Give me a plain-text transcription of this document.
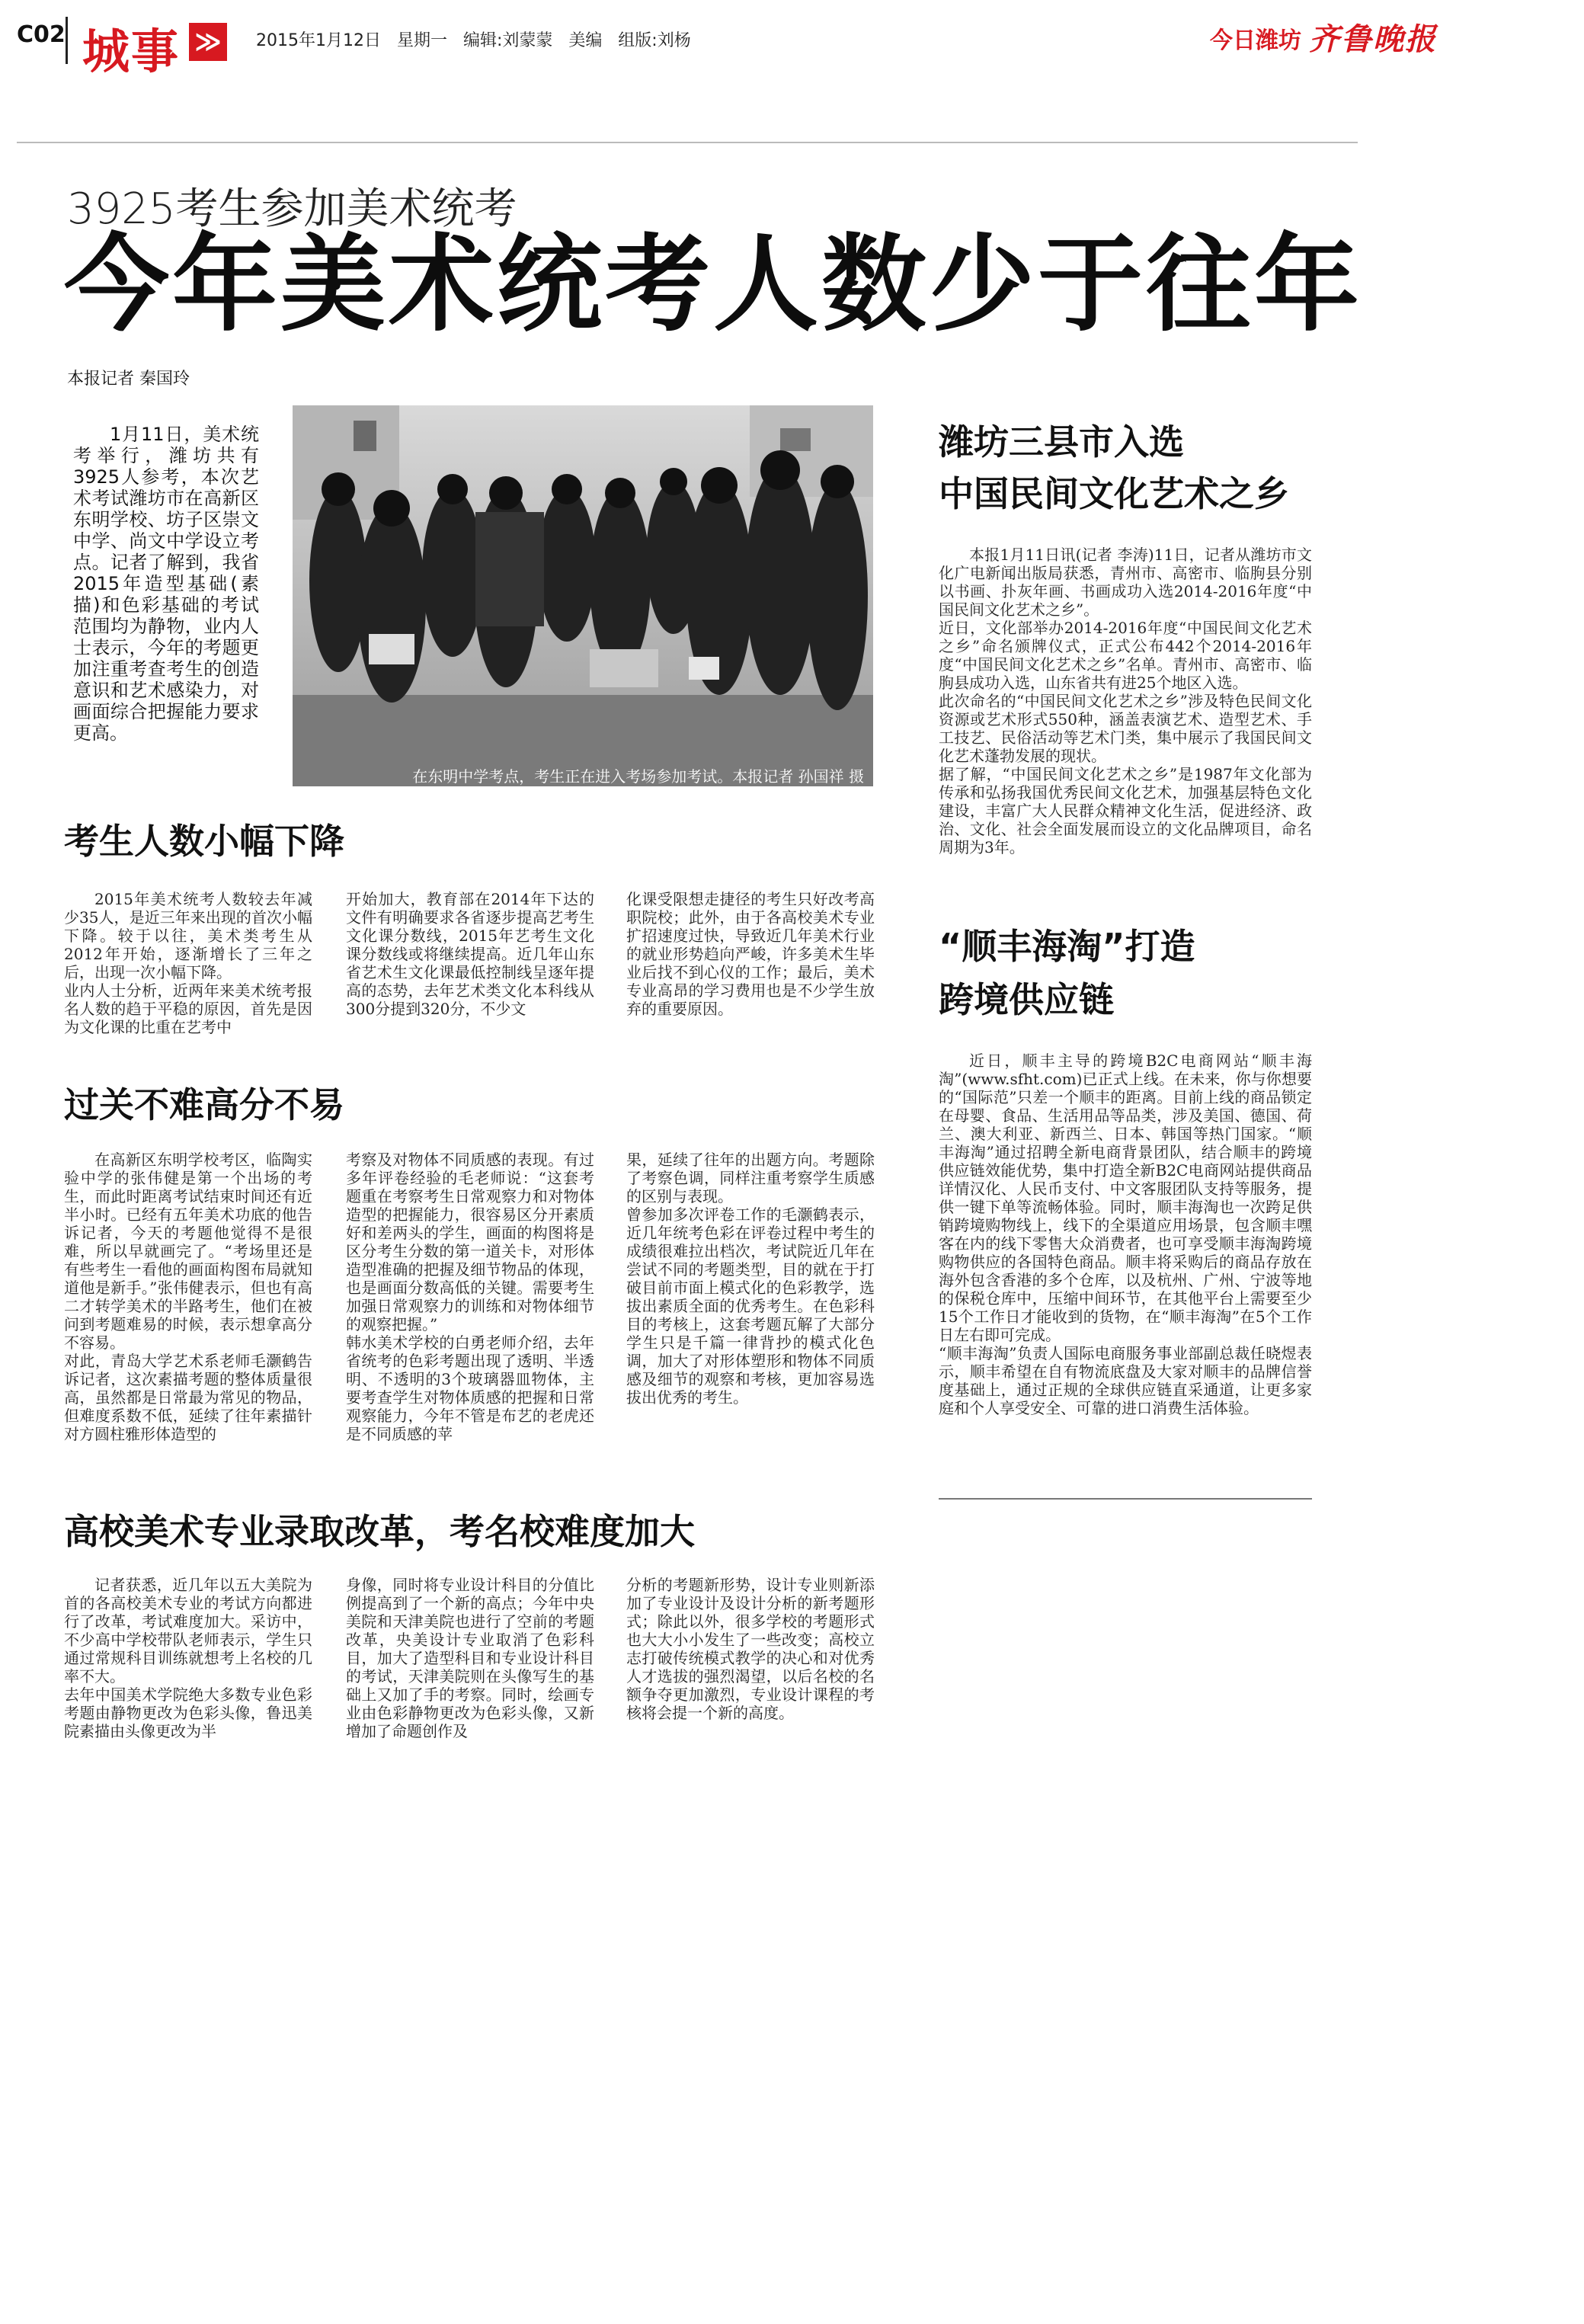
C02 城事 ≫	2015年1月12日   星期一   编辑:刘蒙蒙   美编   组版:刘杨	今日潍坊 齐鲁晚报
3925考生参加美术统考
今年美术统考人数少于往年
本报记者 秦国玲
1月11日，美术统考举行，潍坊共有3925人参考，本次艺术考试潍坊市在高新区东明学校、坊子区崇文中学、尚文中学设立考点。记者了解到，我省2015年造型基础(素描)和色彩基础的考试范围均为静物，业内人士表示，今年的考题更加注重考查考生的创造意识和艺术感染力，对画面综合把握能力要求更高。
在东明中学考点，考生正在进入考场参加考试。本报记者 孙国祥 摄
考生人数小幅下降
2015年美术统考人数较去年减少35人，是近三年来出现的首次小幅下降。较于以往，美术类考生从2012年开始，逐渐增长了三年之后，出现一次小幅下降。
业内人士分析，近两年来美术统考报名人数的趋于平稳的原因，首先是因为文化课的比重在艺考中
开始加大，教育部在2014年下达的文件有明确要求各省逐步提高艺考生文化课分数线，2015年艺考生文化课分数线或将继续提高。近几年山东省艺术生文化课最低控制线呈逐年提高的态势，去年艺术类文化本科线从300分提到320分，不少文
化课受限想走捷径的考生只好改考高职院校；此外，由于各高校美术专业扩招速度过快，导致近几年美术行业的就业形势趋向严峻，许多美术生毕业后找不到心仪的工作；最后，美术专业高昂的学习费用也是不少学生放弃的重要原因。
过关不难高分不易
在高新区东明学校考区，临陶实验中学的张伟健是第一个出场的考生，而此时距离考试结束时间还有近半小时。已经有五年美术功底的他告诉记者，今天的考题他觉得不是很难，所以早就画完了。“考场里还是有些考生一看他的画面构图布局就知道他是新手。”张伟健表示，但也有高二才转学美术的半路考生，他们在被问到考题难易的时候，表示想拿高分不容易。
对此，青岛大学艺术系老师毛灏鹤告诉记者，这次素描考题的整体质量很高，虽然都是日常最为常见的物品，但难度系数不低，延续了往年素描针对方圆柱雅形体造型的
考察及对物体不同质感的表现。有过多年评卷经验的毛老师说：“这套考题重在考察考生日常观察力和对物体造型的把握能力，很容易区分开素质好和差两头的学生，画面的构图将是区分考生分数的第一道关卡，对形体造型准确的把握及细节物品的体现，也是画面分数高低的关键。需要考生加强日常观察力的训练和对物体细节的观察把握。”
韩水美术学校的白勇老师介绍，去年省统考的色彩考题出现了透明、半透明、不透明的3个玻璃器皿物体，主要考查学生对物体质感的把握和日常观察能力，今年不管是布艺的老虎还是不同质感的苹
果，延续了往年的出题方向。考题除了考察色调，同样注重考察学生质感的区别与表现。
曾参加多次评卷工作的毛灏鹤表示，近几年统考色彩在评卷过程中考生的成绩很难拉出档次，考试院近几年在尝试不同的考题类型，目的就在于打破目前市面上模式化的色彩教学，选拔出素质全面的优秀考生。在色彩科目的考核上，这套考题瓦解了大部分学生只是千篇一律背抄的模式化色调，加大了对形体塑形和物体不同质感及细节的观察和考核，更加容易选拔出优秀的考生。
高校美术专业录取改革，考名校难度加大
记者获悉，近几年以五大美院为首的各高校美术专业的考试方向都进行了改革，考试难度加大。采访中，不少高中学校带队老师表示，学生只通过常规科目训练就想考上名校的几率不大。
去年中国美术学院绝大多数专业色彩考题由静物更改为色彩头像，鲁迅美院素描由头像更改为半
身像，同时将专业设计科目的分值比例提高到了一个新的高点；今年中央美院和天津美院也进行了空前的考题改革，央美设计专业取消了色彩科目，加大了造型科目和专业设计科目的考试，天津美院则在头像写生的基础上又加了手的考察。同时，绘画专业由色彩静物更改为色彩头像，又新增加了命题创作及
分析的考题新形势，设计专业则新添加了专业设计及设计分析的新考题形式；除此以外，很多学校的考题形式也大大小小发生了一些改变；高校立志打破传统模式教学的决心和对优秀人才选拔的强烈渴望，以后名校的名额争夺更加激烈，专业设计课程的考核将会提一个新的高度。
潍坊三县市入选
中国民间文化艺术之乡
本报1月11日讯(记者 李涛)11日，记者从潍坊市文化广电新闻出版局获悉，青州市、高密市、临朐县分别以书画、扑灰年画、书画成功入选2014-2016年度“中国民间文化艺术之乡”。
近日，文化部举办2014-2016年度“中国民间文化艺术之乡”命名颁牌仪式，正式公布442个2014-2016年度“中国民间文化艺术之乡”名单。青州市、高密市、临朐县成功入选，山东省共有进25个地区入选。
此次命名的“中国民间文化艺术之乡”涉及特色民间文化资源或艺术形式550种，涵盖表演艺术、造型艺术、手工技艺、民俗活动等艺术门类，集中展示了我国民间文化艺术蓬勃发展的现状。
据了解，“中国民间文化艺术之乡”是1987年文化部为传承和弘扬我国优秀民间文化艺术，加强基层特色文化建设，丰富广大人民群众精神文化生活，促进经济、政治、文化、社会全面发展而设立的文化品牌项目，命名周期为3年。
“顺丰海淘”打造
跨境供应链
近日，顺丰主导的跨境B2C电商网站“顺丰海淘”(www.sfht.com)已正式上线。在未来，你与你想要的“国际范”只差一个顺丰的距离。目前上线的商品锁定在母婴、食品、生活用品等品类，涉及美国、德国、荷兰、澳大利亚、新西兰、日本、韩国等热门国家。“顺丰海淘”通过招聘全新电商背景团队，结合顺丰的跨境供应链效能优势，集中打造全新B2C电商网站提供商品详情汉化、人民币支付、中文客服团队支持等服务，提供一键下单等流畅体验。同时，顺丰海淘也一次跨足供销跨境购物线上，线下的全渠道应用场景，包含顺丰嘿客在内的线下零售大众消费者，也可享受顺丰海淘跨境购物供应的各国特色商品。顺丰将采购后的商品存放在海外包含香港的多个仓库，以及杭州、广州、宁波等地的保税仓库中，压缩中间环节，在其他平台上需要至少15个工作日才能收到的货物，在“顺丰海淘”在5个工作日左右即可完成。
“顺丰海淘”负责人国际电商服务事业部副总裁任晓煜表示，顺丰希望在自有物流底盘及大家对顺丰的品牌信誉度基础上，通过正规的全球供应链直采通道，让更多家庭和个人享受安全、可靠的进口消费生活体验。
